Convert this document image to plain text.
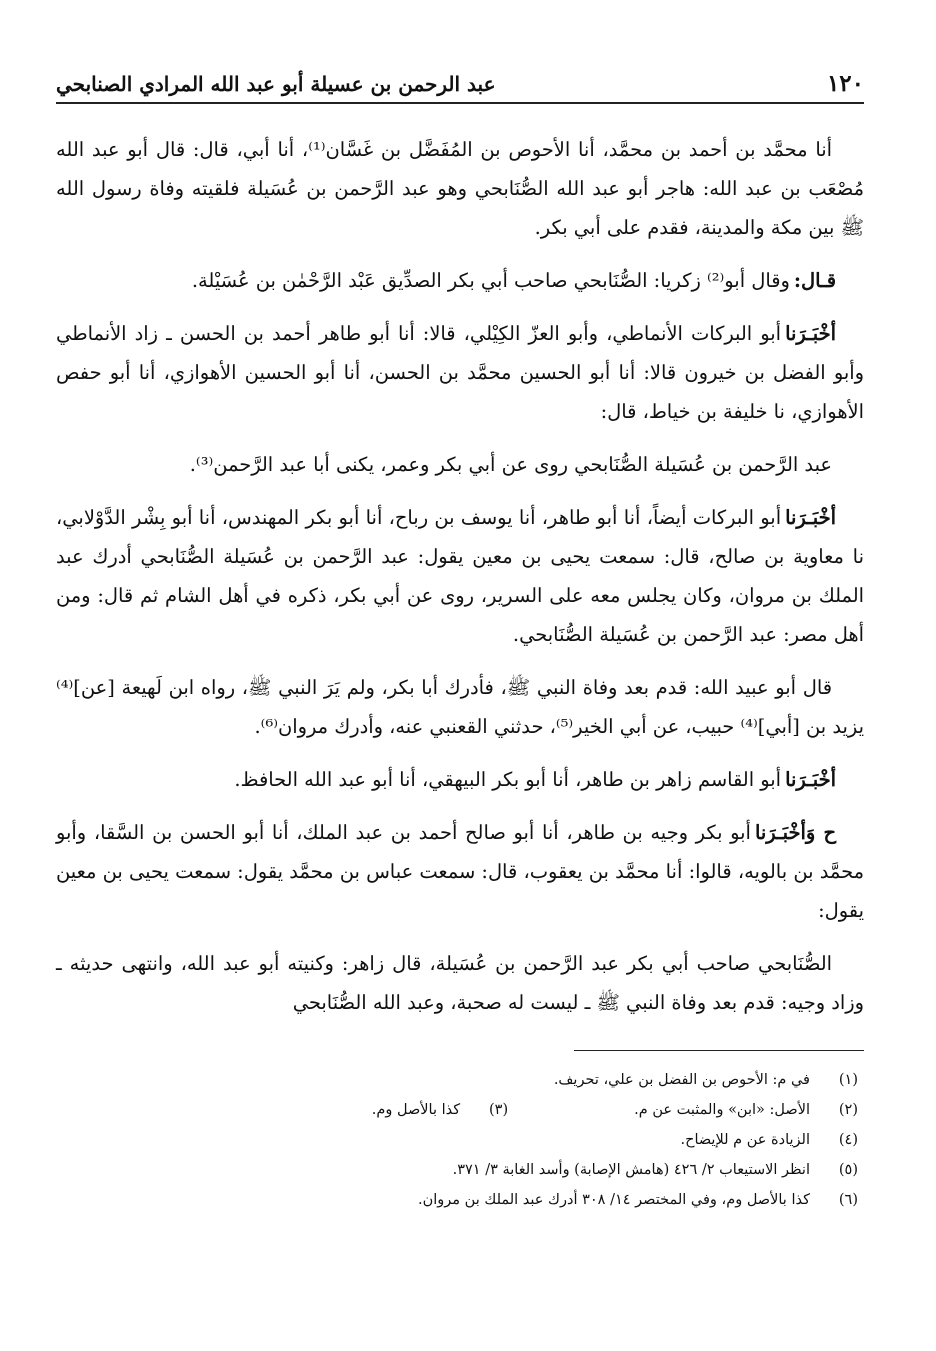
١٢٠
عبد الرحمن بن عسيلة أبو عبد الله المرادي الصنابحي

أنا محمَّد بن أحمد بن محمَّد، أنا الأحوص بن المُفَضَّل بن غَسَّان⁽¹⁾، أنا أبي، قال: قال أبو عبد الله مُصْعَب بن عبد الله: هاجر أبو عبد الله الصُّنَابحي وهو عبد الرَّحمن بن عُسَيلة فلقيته وفاة رسول الله ﷺ بين مكة والمدينة، فقدم على أبي بكر.

قـال:وقال أبو⁽²⁾ زكريا: الصُّنَابحي صاحب أبي بكر الصدِّيق عَبْد الرَّحْمٰن بن عُسَيْلة.

أخْبَـرَناأبو البركات الأنماطي، وأبو العزّ الكِيْلي، قالا: أنا أبو طاهر أحمد بن الحسن ـ زاد الأنماطي وأبو الفضل بن خيرون قالا: أنا أبو الحسين محمَّد بن الحسن، أنا أبو الحسين الأهوازي، أنا أبو حفص الأهوازي، نا خليفة بن خياط، قال:

عبد الرَّحمن بن عُسَيلة الصُّنَابحي روى عن أبي بكر وعمر، يكنى أبا عبد الرَّحمن⁽³⁾.

أخْبَـرَناأبو البركات أيضاً، أنا أبو طاهر، أنا يوسف بن رباح، أنا أبو بكر المهندس، أنا أبو بِشْر الدَّوْلابي، نا معاوية بن صالح، قال: سمعت يحيى بن معين يقول: عبد الرَّحمن بن عُسَيلة الصُّنَابحي أدرك عبد الملك بن مروان، وكان يجلس معه على السرير، روى عن أبي بكر، ذكره في أهل الشام ثم قال: ومن أهل مصر: عبد الرَّحمن بن عُسَيلة الصُّنَابحي.

قال أبو عبيد الله: قدم بعد وفاة النبي ﷺ، فأدرك أبا بكر، ولم يَرَ النبي ﷺ، رواه ابن لَهيعة [عن]⁽⁴⁾ يزيد بن [أبي]⁽⁴⁾ حبيب، عن أبي الخير⁽⁵⁾، حدثني القعنبي عنه، وأدرك مروان⁽⁶⁾.

أخْبَـرَناأبو القاسم زاهر بن طاهر، أنا أبو بكر البيهقي، أنا أبو عبد الله الحافظ.

ح وَأخْبَـرَناأبو بكر وجيه بن طاهر، أنا أبو صالح أحمد بن عبد الملك، أنا أبو الحسن بن السَّقا، وأبو محمَّد بن بالويه، قالوا: أنا محمَّد بن يعقوب، قال: سمعت عباس بن محمَّد يقول: سمعت يحيى بن معين يقول:

الصُّنَابحي صاحب أبي بكر عبد الرَّحمن بن عُسَيلة، قال زاهر: وكنيته أبو عبد الله، وانتهى حديثه ـ وزاد وجيه: قدم بعد وفاة النبي ﷺ ـ ليست له صحبة، وعبد الله الصُّنَابحي

(١)
في م: الأحوص بن الفضل بن علي، تحريف.
(٢)
الأصل: «ابن» والمثبت عن م.
(٣)
كذا بالأصل وم.
(٤)
الزيادة عن م للإيضاح.
(٥)
انظر الاستيعاب ٢/ ٤٢٦ (هامش الإصابة) وأسد الغابة ٣/ ٣٧١.
(٦)
كذا بالأصل وم، وفي المختصر ١٤/ ٣٠٨ أدرك عبد الملك بن مروان.
